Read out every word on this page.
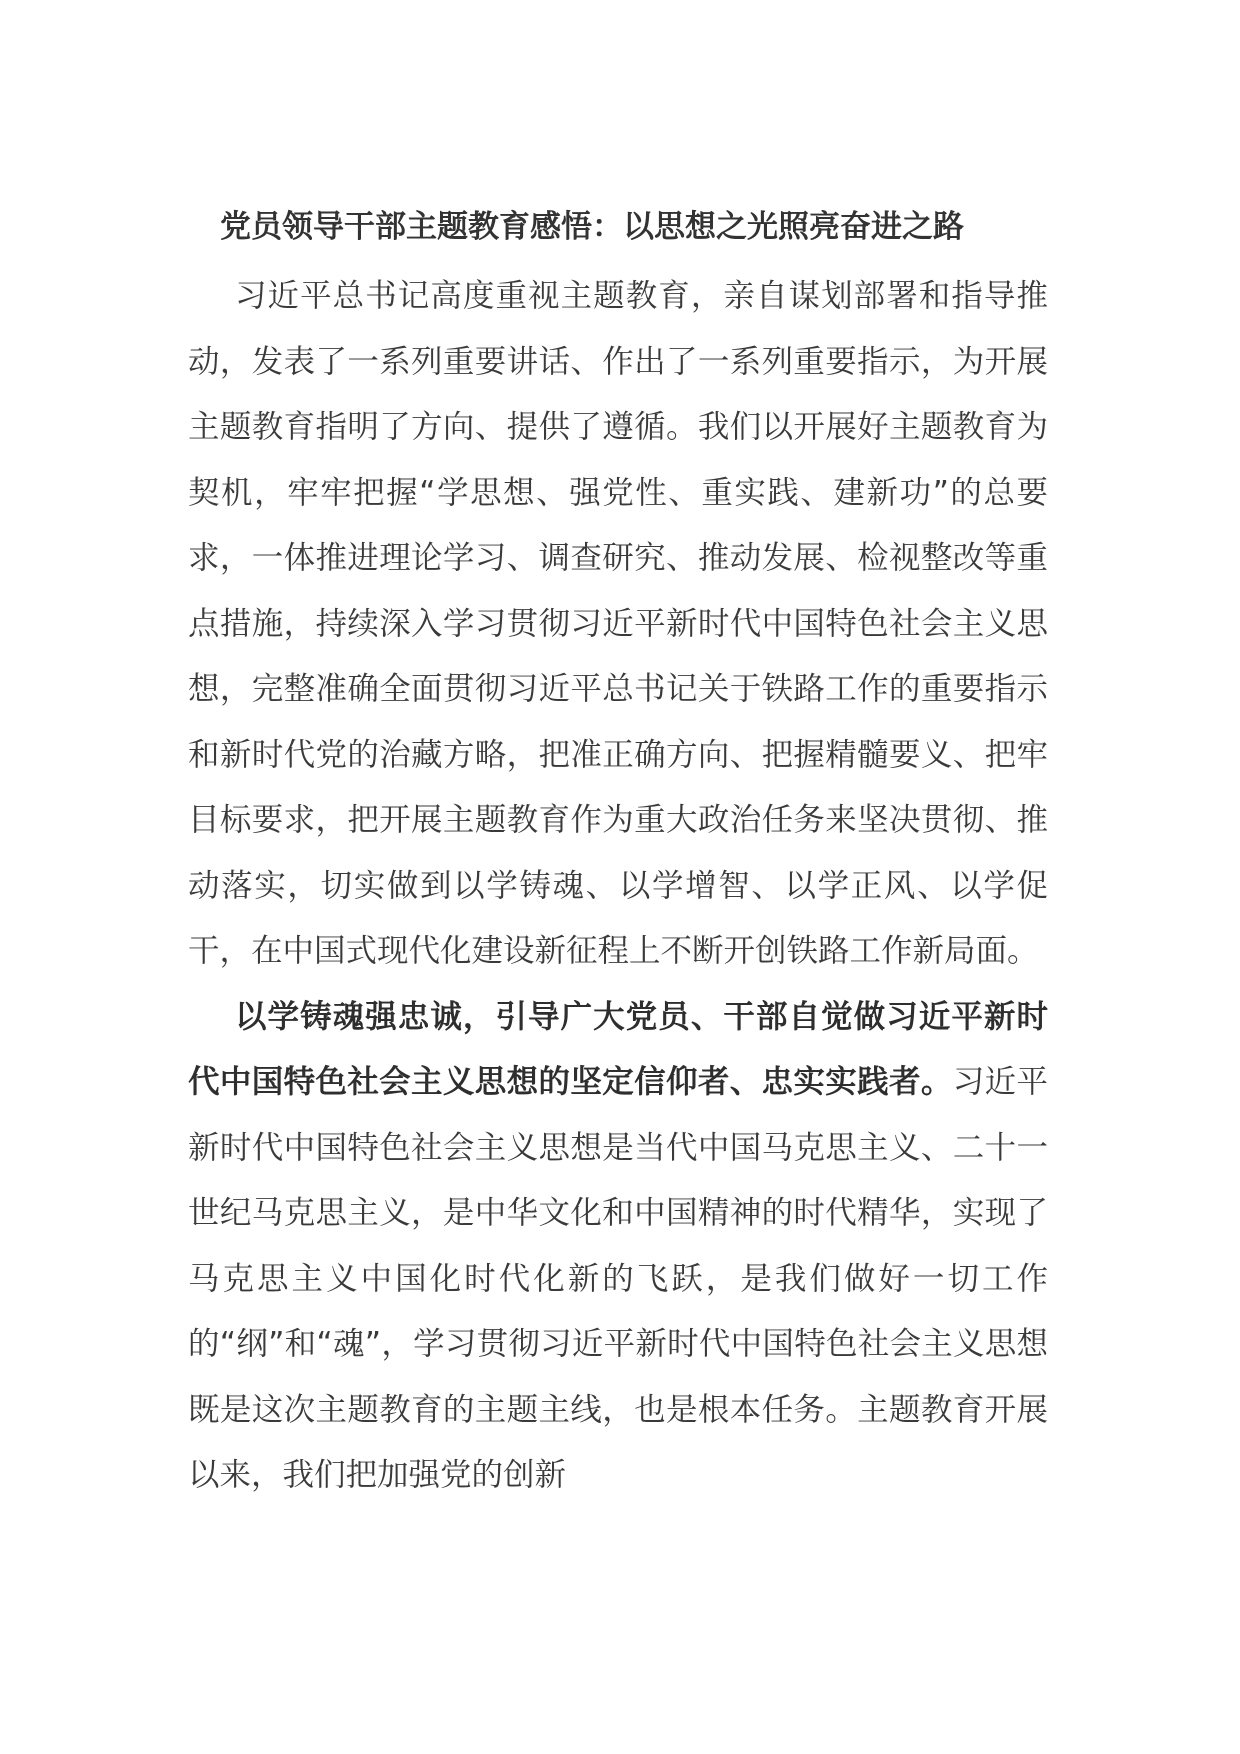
党员领导干部主题教育感悟：以思想之光照亮奋进之路

习近平总书记高度重视主题教育，亲自谋划部署和指导推动，发表了一系列重要讲话、作出了一系列重要指示，为开展主题教育指明了方向、提供了遵循。我们以开展好主题教育为契机，牢牢把握“学思想、强党性、重实践、建新功”的总要求，一体推进理论学习、调查研究、推动发展、检视整改等重点措施，持续深入学习贯彻习近平新时代中国特色社会主义思想，完整准确全面贯彻习近平总书记关于铁路工作的重要指示和新时代党的治藏方略，把准正确方向、把握精髓要义、把牢目标要求，把开展主题教育作为重大政治任务来坚决贯彻、推动落实，切实做到以学铸魂、以学增智、以学正风、以学促干，在中国式现代化建设新征程上不断开创铁路工作新局面。

以学铸魂强忠诚，引导广大党员、干部自觉做习近平新时代中国特色社会主义思想的坚定信仰者、忠实实践者。习近平新时代中国特色社会主义思想是当代中国马克思主义、二十一世纪马克思主义，是中华文化和中国精神的时代精华，实现了马克思主义中国化时代化新的飞跃，是我们做好一切工作的“纲”和“魂”，学习贯彻习近平新时代中国特色社会主义思想既是这次主题教育的主题主线，也是根本任务。主题教育开展以来，我们把加强党的创新
